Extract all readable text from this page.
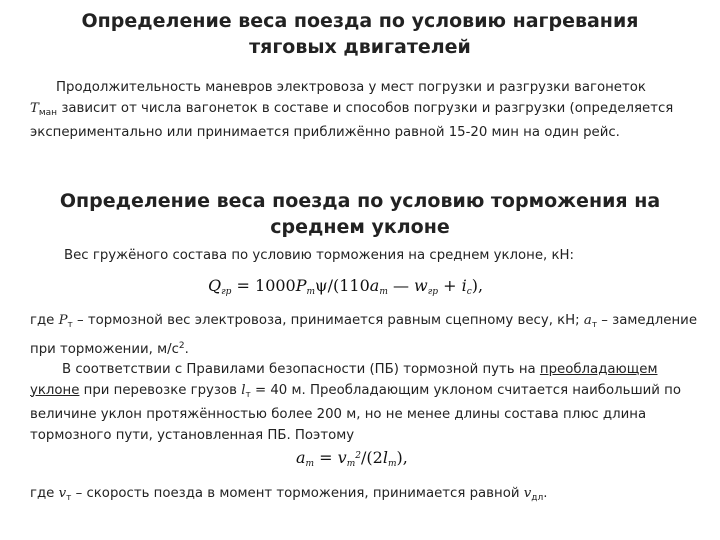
Определение веса поезда по условию нагревания тяговых двигателей
Продолжительность маневров электровоза у мест погрузки и разгрузки вагонеток
$T_{ман}$ зависит от числа вагонеток в составе и способов погрузки и разгрузки (определяется экспериментально или принимается приближённо равной 15-20 мин на один рейс.
Определение веса поезда по условию торможения на среднем уклоне
Вес гружёного состава по условию торможения на среднем уклоне, кН:
$Q_{гр} = 1000P_т\psi/(110a_т$ — $w_{гр} + i_c$),
где $P_т$ – тормозной вес электровоза, принимается равным сцепному весу, кН; $a_т$ – замедление при торможении, $м/с^2$.
В соответствии с Правилами безопасности (ПБ) тормозной путь на преобладающем уклоне при перевозке грузов $l_т = 40$ м. Преобладающим уклоном считается наибольший по величине уклон протяжённостью более 200 м, но не менее длины состава плюс длина тормозного пути, установленная ПБ. Поэтому
$a_т = v_т^2/(2l_т)$,
где $v_т$ – скорость поезда в момент торможения, принимается равной $v_{дл}$.
